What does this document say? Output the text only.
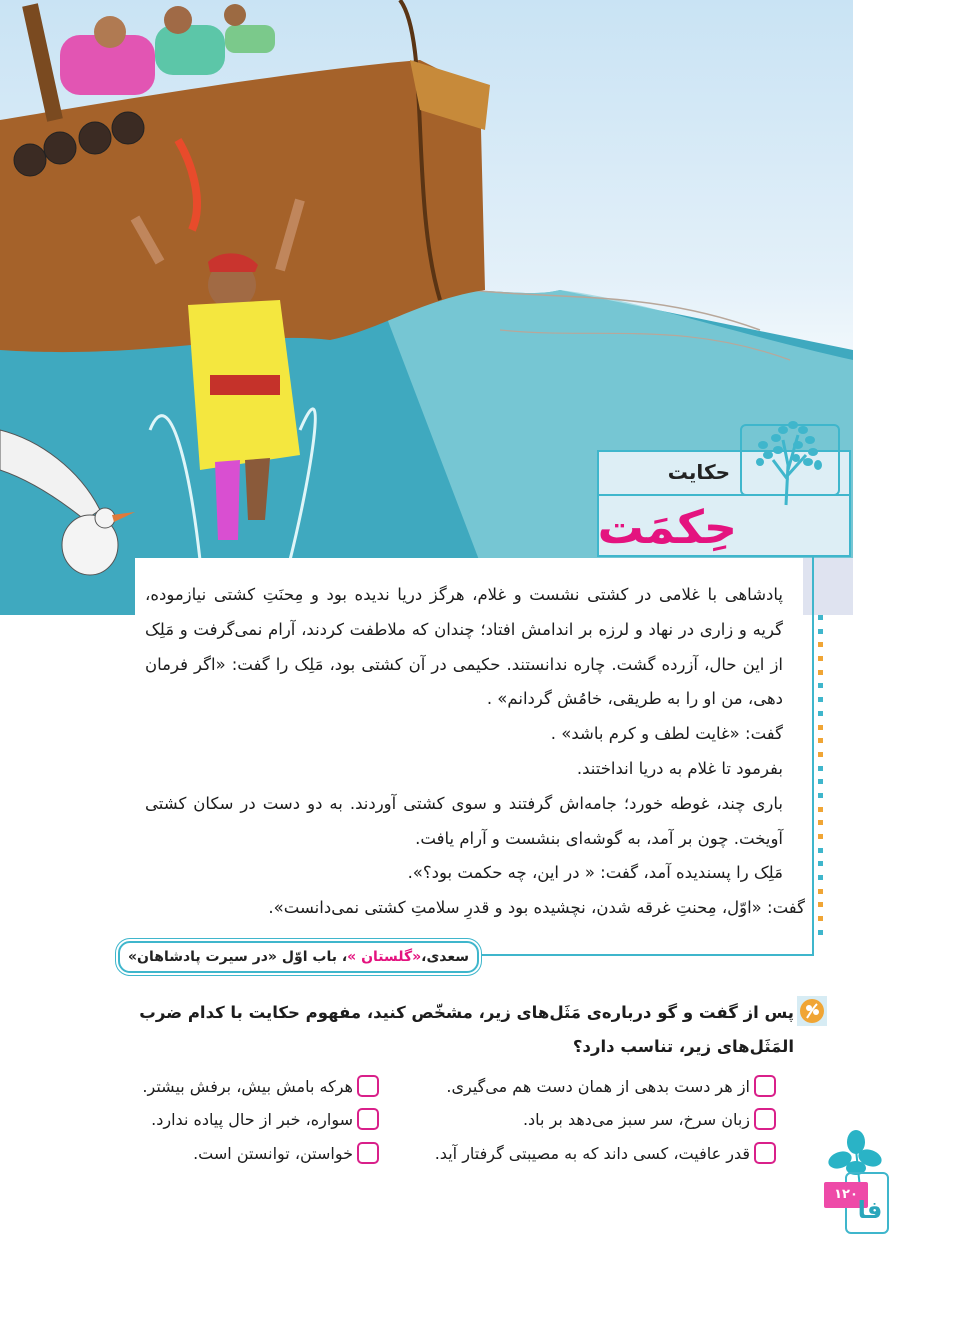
حکایت
حِکمَت

پادشاهی با غلامی در کشتی نشست و غلام، هرگز دریا ندیده بود و مِحنَتِ کشتی نیازموده، گریه و زاری در نهاد و لرزه بر اندامش افتاد؛ چندان که ملاطفت کردند، آرام نمی‌گرفت و مَلِک از این حال، آزرده گشت. چاره ندانستند. حکیمی در آن کشتی بود، مَلِک را گفت: «اگر فرمان دهی، من او را به طریقی، خامُش گردانم» .

گفت: «غایت لطف و کرم باشد» .

بفرمود تا غلام به دریا انداختند.

باری چند، غوطه خورد؛ جامه‌اش گرفتند و سوی کشتی آوردند. به دو دست در سکان کشتی آویخت. چون بر آمد، به گوشه‌ای بنشست و آرام یافت.

مَلِک را پسندیده آمد، گفت: « در این، چه حکمت بود؟».

گفت: «اوّل، مِحنتِ غرقه شدن، نچشیده بود و قدرِ سلامتِ کشتی نمی‌دانست».

سعدی،«گلستان »، باب اوّل «در سیرت پادشاهان»
پس از گفت و گو درباره‌ی مَثَل‌های زیر، مشخّص کنید، مفهوم حکایت با کدام ضرب المَثَل‌های زیر، تناسب دارد؟
از هر دست بدهی از همان دست هم می‌گیری.
زبان سرخ، سر سبز می‌دهد بر باد.
قدر عافیت، کسی داند که به مصیبتی گرفتار آید.
هرکه بامش بیش، برفش بیشتر.
سواره، خبر از حال پیاده ندارد.
خواستن، توانستن است.
۱۲۰
فا
